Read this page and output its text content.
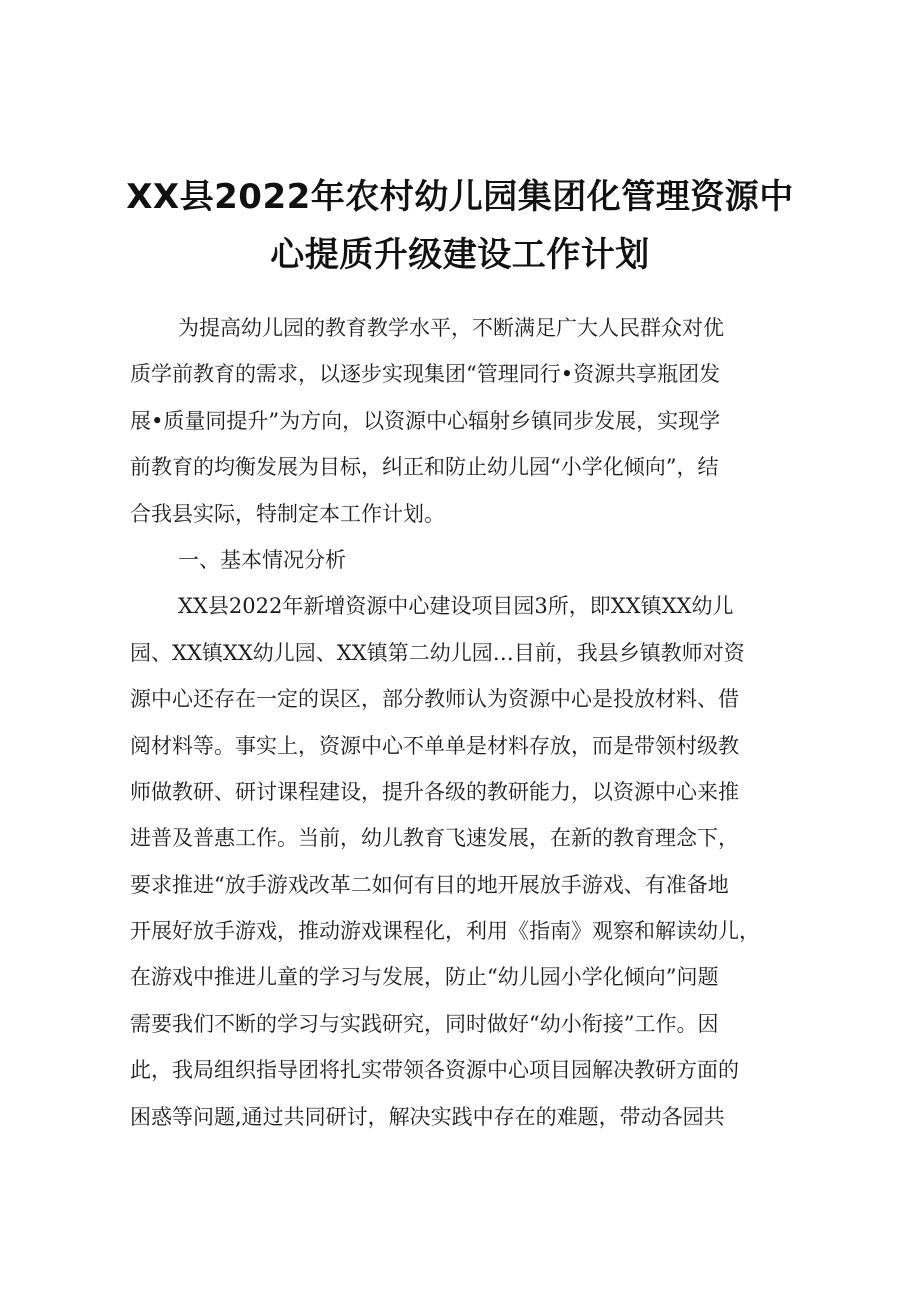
XX县2022年农村幼儿园集团化管理资源中
心提质升级建设工作计划
为提高幼儿园的教育教学水平，不断满足广大人民群众对优
质学前教育的需求，以逐步实现集团“管理同行•资源共享瓶团发
展•质量同提升”为方向，以资源中心辐射乡镇同步发展，实现学
前教育的均衡发展为目标，纠正和防止幼儿园“小学化倾向”，结
合我县实际，特制定本工作计划。
一、基本情况分析
XX县2022年新增资源中心建设项目园3所，即XX镇XX幼儿
园、XX镇XX幼儿园、XX镇第二幼儿园…目前，我县乡镇教师对资
源中心还存在一定的误区，部分教师认为资源中心是投放材料、借
阅材料等。事实上，资源中心不单单是材料存放，而是带领村级教
师做教研、研讨课程建设，提升各级的教研能力，以资源中心来推
进普及普惠工作。当前，幼儿教育飞速发展，在新的教育理念下，
要求推进“放手游戏改革二如何有目的地开展放手游戏、有准备地
开展好放手游戏，推动游戏课程化，利用《指南》观察和解读幼儿，
在游戏中推进儿童的学习与发展，防止“幼儿园小学化倾向”问题
需要我们不断的学习与实践研究，同时做好“幼小衔接”工作。因
此，我局组织指导团将扎实带领各资源中心项目园解决教研方面的
困惑等问题,通过共同研讨，解决实践中存在的难题，带动各园共
